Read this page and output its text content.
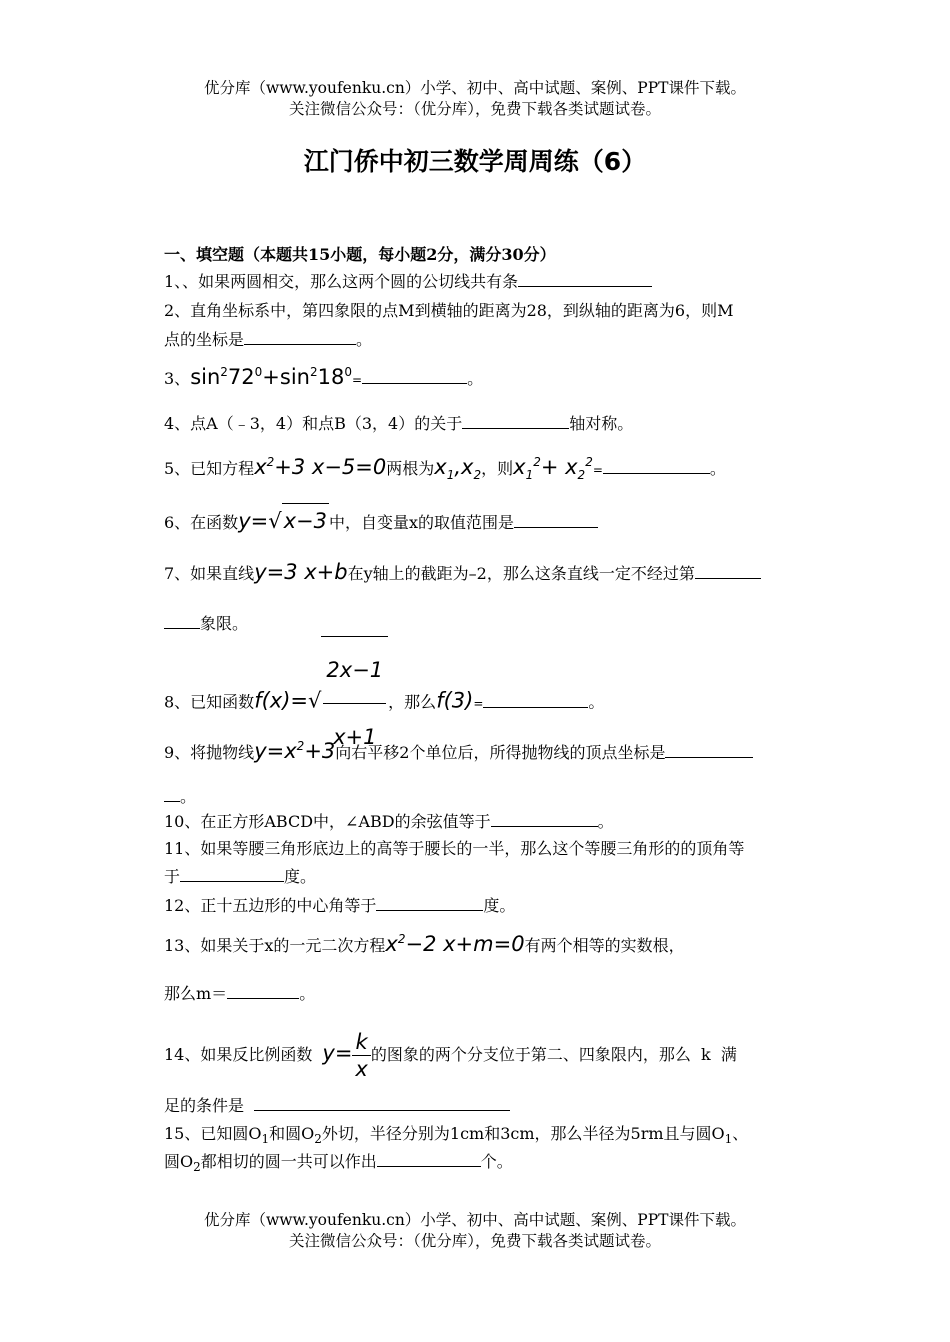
优分库（www.youfenku.cn）小学、初中、高中试题、案例、PPT课件下载。
关注微信公众号：（优分库），免费下载各类试题试卷。
江门侨中初三数学周周练（6）
一、填空题（本题共15小题，每小题2分，满分30分）
1、、如果两圆相交，那么这两个圆的公切线共有条
2、直角坐标系中，第四象限的点M到横轴的距离为28，到纵轴的距离为6，则M
点的坐标是	。
3、$\sin^272^0+\sin^218^0=$	。
4、点A（﹣3，4）和点B（3，4）的关于	轴对称。
5、已知方程$x^2+3$ x−5=0两根为$x_1,x_2$，则$x_1^2+ x_2^2=$	。
6、在函数y=√x−3 中，自变量x的取值范围是
7、如果直线y=3 x+b在y轴上的截距为–2，那么这条直线一定不经过第
象限。
8、已知函数$f(x)=√ \frac{2x-1}{x+1}$ ，那么f(3)=	。
9、将抛物线$y=x^2+3$向右平移2个单位后，所得抛物线的顶点坐标是
。
10、在正方形ABCD中，∠ABD的余弦值等于	。
11、如果等腰三角形底边上的高等于腰长的一半，那么这个等腰三角形的的顶角等
于	度。
12、正十五边形的中心角等于	度。
13、如果关于x的一元二次方程$x^2-2$ x+m=0有两个相等的实数根，
那么m＝	。
14、如果反比例函数 $y= \frac{k}{x}$ 的图象的两个分支位于第二、四象限内，那么 k 满
足的条件是
15、已知圆$O_1$和圆$O_2$外切，半径分别为1cm和3cm，那么半径为5rm且与圆$O_1$、
圆$O_2$都相切的圆一共可以作出	个。
优分库（www.youfenku.cn）小学、初中、高中试题、案例、PPT课件下载。
关注微信公众号：（优分库），免费下载各类试题试卷。
